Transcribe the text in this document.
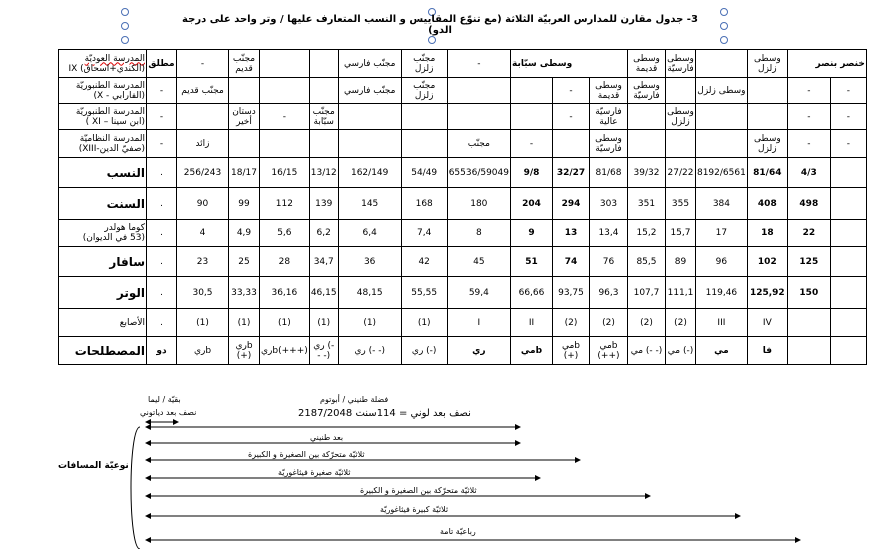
3- جدول مقارن للمدارس العربيّة الثلاثة (مع تنوّع المقاييس و النسب المتعارف عليها / وتر واحد على درجة الدو)
المدرسة العوديّة
(الكندي+اسحاق) IX	مطلق	-	مجنّب قديم			مجنّب فارسي	مجنّب زلزل	-	وسطى سبّابة			وسطى قديمة	وسطى فارسيّة		وسطى زلزل	خنصر بنصر	

المدرسة الطنبوريّة
(الفارابي - X)	-	مجنّب قديم				مجنّب فارسي	مجنّب زلزل			-	وسطى قديمة	وسطى فارسيّة		وسطى زلزل		-	-

المدرسة الطنبوريّة
(ابن سينا – XI )	-		دستان أخير	-	مجنّب سبّابة					-	فارسيّة عالية		وسطى زلزل			-	-

المدرسة النظاميّة
(صفيّ الدين-XIII)	-	زائد						مجنّب	-		وسطى فارسيّة				وسطى زلزل	-	-

النسب	.	256/243	18/17	16/15	13/12	162/149	54/49	65536/59049	9/8	32/27	81/68	39/32	27/22	8192/6561	81/64	4/3	

السنت	.	90	99	112	139	145	168	180	204	294	303	351	355	384	408	498	

كوما هولدر
(53 في الديوان)	.	4	4,9	5,6	6,2	6,4	7,4	8	9	13	13,4	15,2	15,7	17	18	22	

سافار	.	23	25	28	34,7	36	42	45	51	74	76	85,5	89	96	102	125	

الوتر	.	30,5	33,33	36,16	46,15	48,15	55,55	59,4	66,66	93,75	96,3	107,7	111,1	119,46	125,92	150	

الأصابع	.	(1)	(1)	(1)	(1)	(1)	(1)	I	II	(2)	(2)	(2)	(2)	III	IV		

المصطلحات	دو	ريb	ريb (+)	ريb(+++)	ري (- - -)	ري (- -)	ري (-)	ري	ميb	ميb (+)	ميb (++)	مي (- -)	مي (-)	مي	فا		
نوعيّة المسافات
بقيّة / ليما
نصف بعد دياتوني
فضلة طنيني / أبوتوم
نصف بعد لوني = 114سنت 2187/2048
بعد طنيني
ثلاثيّة متحرّكة بين الصغيرة و الكبيرة
ثلاثيّة صغيرة فيثاغوريّة
ثلاثيّة متحرّكة بين الصغيرة و الكبيرة
ثلاثيّة كبيرة فيثاغوريّة
رباعيّة تامة
